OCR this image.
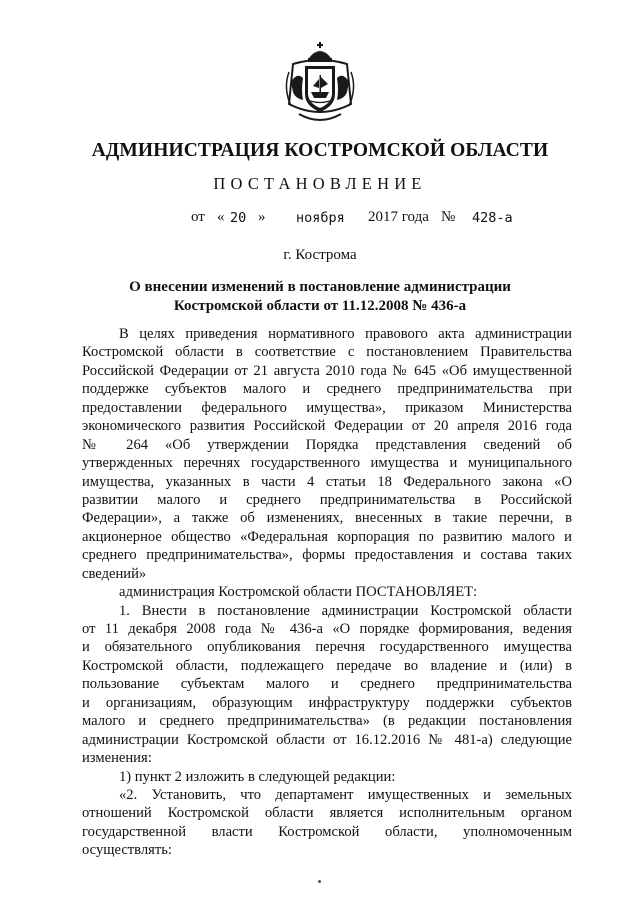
АДМИНИСТРАЦИЯ КОСТРОМСКОЙ ОБЛАСТИ
ПОСТАНОВЛЕНИЕ
от « 20 » ноября 2017 года № 428-а
г. Кострома
О внесении изменений в постановление администрации
Костромской области от 11.12.2008 № 436-а
В целях приведения нормативного правового акта администрации
Костромской области в соответствие с постановлением Правительства
Российской Федерации от 21 августа 2010 года № 645 «Об имущественной
поддержке субъектов малого и среднего предпринимательства при
предоставлении федерального имущества», приказом Министерства
экономического развития Российской Федерации от 20 апреля 2016 года
№ 264 «Об утверждении Порядка представления сведений об
утвержденных перечнях государственного имущества и муниципального
имущества, указанных в части 4 статьи 18 Федерального закона «О
развитии малого и среднего предпринимательства в Российской
Федерации», а также об изменениях, внесенных в такие перечни, в
акционерное общество «Федеральная корпорация по развитию малого и
среднего предпринимательства», формы предоставления и состава таких
сведений»
администрация Костромской области ПОСТАНОВЛЯЕТ:
1. Внести в постановление администрации Костромской области
от 11 декабря 2008 года № 436-а «О порядке формирования, ведения
и обязательного опубликования перечня государственного имущества
Костромской области, подлежащего передаче во владение и (или) в
пользование субъектам малого и среднего предпринимательства
и организациям, образующим инфраструктуру поддержки субъектов
малого и среднего предпринимательства» (в редакции постановления
администрации Костромской области от 16.12.2016 № 481-а) следующие
изменения:
1) пункт 2 изложить в следующей редакции:
«2. Установить, что департамент имущественных и земельных
отношений Костромской области является исполнительным органом
государственной власти Костромской области, уполномоченным
осуществлять:
